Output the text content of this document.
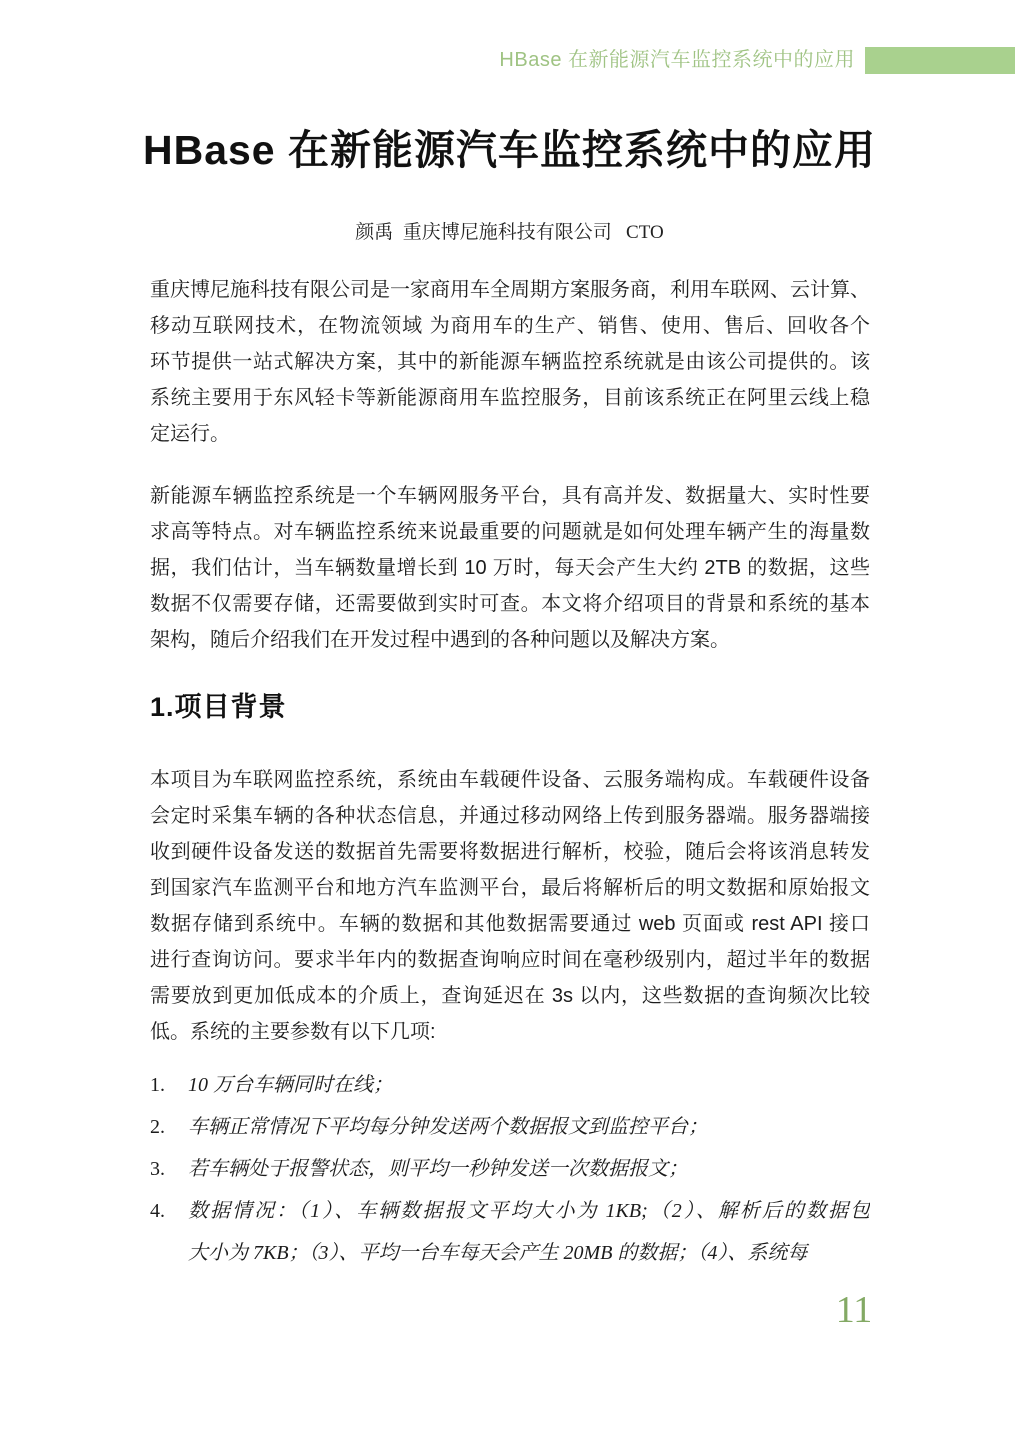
HBase 在新能源汽车监控系统中的应用
HBase 在新能源汽车监控系统中的应用
颜禹  重庆博尼施科技有限公司   CTO
重庆博尼施科技有限公司是一家商用车全周期方案服务商，利用车联网、云计算、
移动互联网技术，在物流领域 为商用车的生产、销售、使用、售后、回收各个
环节提供一站式解决方案，其中的新能源车辆监控系统就是由该公司提供的。该
系统主要用于东风轻卡等新能源商用车监控服务，目前该系统正在阿里云线上稳
定运行。
新能源车辆监控系统是一个车辆网服务平台，具有高并发、数据量大、实时性要
求高等特点。对车辆监控系统来说最重要的问题就是如何处理车辆产生的海量数
据，我们估计，当车辆数量增长到 10 万时，每天会产生大约 2TB 的数据，这些
数据不仅需要存储，还需要做到实时可查。本文将介绍项目的背景和系统的基本
架构，随后介绍我们在开发过程中遇到的各种问题以及解决方案。
1.项目背景
本项目为车联网监控系统，系统由车载硬件设备、云服务端构成。车载硬件设备
会定时采集车辆的各种状态信息，并通过移动网络上传到服务器端。服务器端接
收到硬件设备发送的数据首先需要将数据进行解析，校验，随后会将该消息转发
到国家汽车监测平台和地方汽车监测平台，最后将解析后的明文数据和原始报文
数据存储到系统中。车辆的数据和其他数据需要通过 web 页面或 rest API 接口
进行查询访问。要求半年内的数据查询响应时间在毫秒级别内，超过半年的数据
需要放到更加低成本的介质上，查询延迟在 3s 以内，这些数据的查询频次比较
低。系统的主要参数有以下几项:
1.	10 万台车辆同时在线；
2.	车辆正常情况下平均每分钟发送两个数据报文到监控平台；
3.	若车辆处于报警状态，则平均一秒钟发送一次数据报文；
4.	数据情况：（1）、车辆数据报文平均大小为 1KB;（2）、解析后的数据包
大小为 7KB；（3）、平均一台车每天会产生 20MB 的数据；（4）、系统每
11
